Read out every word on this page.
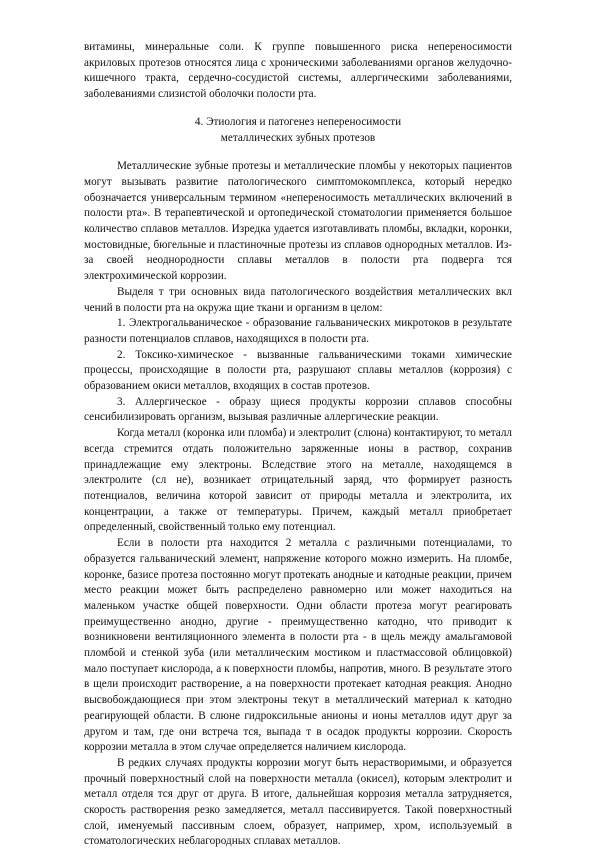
витамины, минеральные соли. К группе повышенного риска непереносимости акриловых протезов относятся лица с хроническими заболеваниями органов желудочно-кишечного тракта, сердечно-сосудистой системы, аллергическими заболеваниями, заболеваниями слизистой оболочки полости рта.

4. Этиология и патогенез непереносимости
металлических зубных протезов

Металлические зубные протезы и металлические пломбы у некоторых пациентов могут вызывать развитие патологического симптомокомплекса, который нередко обозначается универсальным термином «непереносимость металлических включений в полости рта». В терапевтической и ортопедической стоматологии применяется большое количество сплавов металлов. Изредка удается изготавливать пломбы, вкладки, коронки, мостовидные, бюгельные и пластиночные протезы из сплавов однородных металлов. Из-за своей неоднородности сплавы металлов в полости рта подверга тся электрохимической коррозии.

Выделя т три основных вида патологического воздействия металлических вкл чений в полости рта на окружа щие ткани и организм в целом:

1. Электрогальваническое - образование гальванических микротоков в результате разности потенциалов сплавов, находящихся в полости рта.

2. Токсико-химическое - вызванные гальваническими токами химические процессы, происходящие в полости рта, разрушают сплавы металлов (коррозия) с образованием окиси металлов, входящих в состав протезов.

3. Аллергическое - образу щиеся продукты коррозии сплавов способны сенсибилизировать организм, вызывая различные аллергические реакции.

Когда металл (коронка или пломба) и электролит (слюна) контактируют, то металл всегда стремится отдать положительно заряженные ионы в раствор, сохранив принадлежащие ему электроны. Вследствие этого на металле, находящемся в электролите (сл не), возникает отрицательный заряд, что формирует разность потенциалов, величина которой зависит от природы металла и электролита, их концентрации, а также от температуры. Причем, каждый металл приобретает определенный, свойственный только ему потенциал.

Если в полости рта находится 2 металла с различными потенциалами, то образуется гальванический элемент, напряжение которого можно измерить. На пломбе, коронке, базисе протеза постоянно могут протекать анодные и катодные реакции, причем место реакции может быть распределено равномерно или может находиться на маленьком участке общей поверхности. Одни области протеза могут реагировать преимущественно анодно, другие - преимущественно катодно, что приводит к возникновени вентиляционного элемента в полости рта - в щель между амальгамовой пломбой и стенкой зуба (или металлическим мостиком и пластмассовой облицовкой) мало поступает кислорода, а к поверхности пломбы, напротив, много. В результате этого в щели происходит растворение, а на поверхности протекает катодная реакция. Анодно высвобождающиеся при этом электроны текут в металлический материал к катодно реагирующей области. В слюне гидроксильные анионы и ионы металлов идут друг за другом и там, где они встреча тся, выпада т в осадок продукты коррозии. Скорость коррозии металла в этом случае определяется наличием кислорода.

В редких случаях продукты коррозии могут быть нерастворимыми, и образуется прочный поверхностный слой на поверхности металла (окисел), которым электролит и металл отделя тся друг от друга. В итоге, дальнейшая коррозия металла затрудняется, скорость растворения резко замедляется, металл пассивируется. Такой поверхностный слой, именуемый пассивным слоем, образует, например, хром, используемый в стоматологических неблагородных сплавах металлов.
